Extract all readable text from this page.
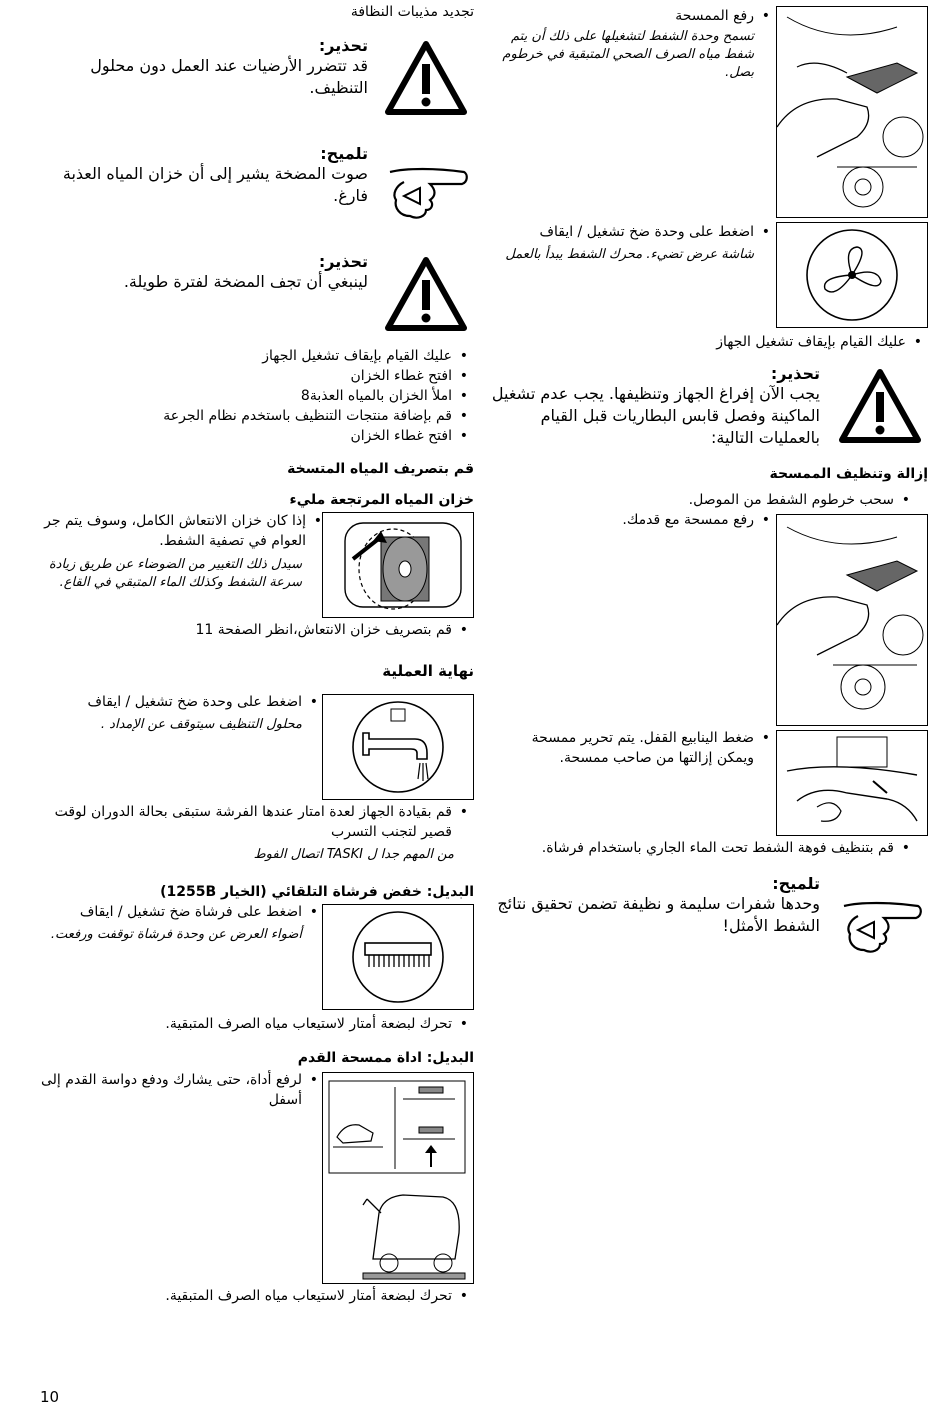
تجديد مذيبات النظافة
تحذير:
قد تتضرر الأرضيات عند العمل دون محلول التنظيف.
تلميح:
صوت المضخة يشير إلى أن خزان المياه العذبة فارغ.
تحذير:
لينبغي أن تجف المضخة لفترة طويلة.
• عليك القيام بإيقاف تشغيل الجهاز
• افتح غطاء الخزان
• املأ الخزان بالمياه العذبة8
• قم بإضافة منتجات التنظيف باستخدم نظام الجرعة
• افتح غطاء الخزان
قم بتصريف المياه المتسخة
خزان المياه المرتجعة مليء
• إذا كان خزان الانتعاش الكامل، وسوف يتم جر العوام في تصفية الشفط.
سيدل ذلك التغيير من الضوضاء عن طريق زيادة سرعة الشفط وكذلك الماء المتبقي في القاع.
• قم بتصريف خزان الانتعاش،انظر الصفحة 11
نهاية العملية
• اضغط على وحدة ضخ تشغيل / ايقاف
محلول التنظيف سيتوقف عن الإمداد .
• قم بقيادة الجهاز لعدة امتار عندها الفرشة ستبقى بحالة الدوران لوقت قصير لتجنب التسرب
من المهم جدا ل TASKI اتصال الفوط
البديل: خفض فرشاة التلقائي (الخيار 1255B)
• اضغط على فرشاة ضخ تشغيل / ايقاف
أضواء العرض عن وحدة فرشاة توقفت ورفعت.
• تحرك لبضعة أمتار لاستيعاب مياه الصرف المتبقية.
البديل: اداة ممسحة القدم
• لرفع أداة، حتى يشارك ودفع دواسة القدم إلى أسفل
• تحرك لبضعة أمتار لاستيعاب مياه الصرف المتبقية.
10
• رفع الممسحة
تسمح وحدة الشفط لتشغيلها على ذلك أن يتم شفط مياه الصرف الصحي المتبقية في خرطوم بصل.
• اضغط على وحدة ضخ تشغيل / ايقاف
شاشة عرض تضيء. محرك الشفط يبدأ بالعمل
• عليك القيام بإيقاف تشغيل الجهاز
تحذير:
يجب الآن إفراغ الجهاز وتنظيفها. يجب عدم تشغيل الماكينة وفصل قابس البطاريات قبل القيام بالعمليات التالية:
إزالة وتنظيف الممسحة
• سحب خرطوم الشفط من الموصل.
• رفع ممسحة مع قدمك.
• ضغط الينابيع القفل. يتم تحرير ممسحة ويمكن إزالتها من صاحب ممسحة.
• قم بتنظيف فوهة الشفط تحت الماء الجاري باستخدام فرشاة.
تلميح:
وحدها شفرات سليمة و نظيفة تضمن تحقيق نتائج الشفط الأمثل!
